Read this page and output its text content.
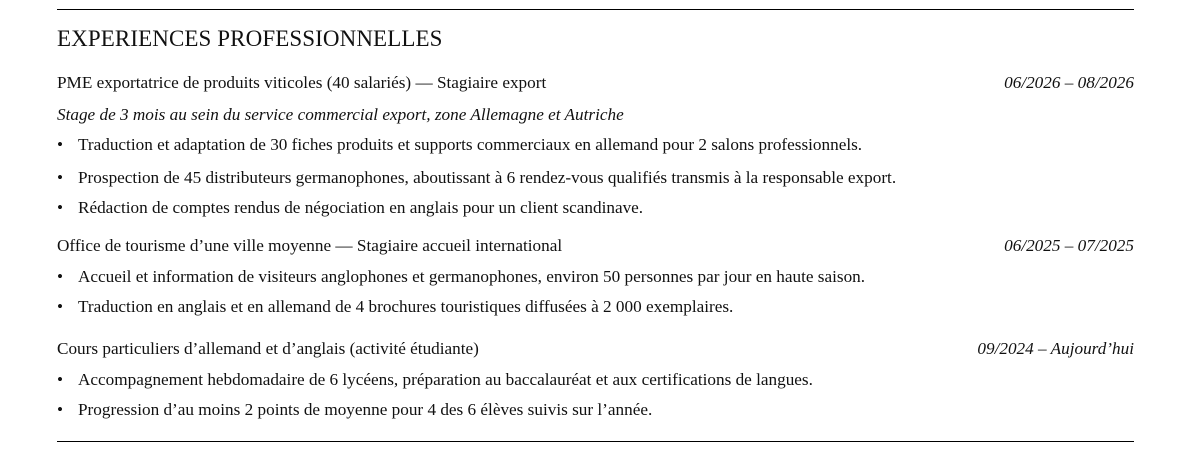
EXPERIENCES PROFESSIONNELLES
PME exportatrice de produits viticoles (40 salariés) — Stagiaire export	06/2026 – 08/2026
Stage de 3 mois au sein du service commercial export, zone Allemagne et Autriche
• Traduction et adaptation de 30 fiches produits et supports commerciaux en allemand pour 2 salons professionnels.
• Prospection de 45 distributeurs germanophones, aboutissant à 6 rendez-vous qualifiés transmis à la responsable export.
• Rédaction de comptes rendus de négociation en anglais pour un client scandinave.
Office de tourisme d’une ville moyenne — Stagiaire accueil international	06/2025 – 07/2025
• Accueil et information de visiteurs anglophones et germanophones, environ 50 personnes par jour en haute saison.
• Traduction en anglais et en allemand de 4 brochures touristiques diffusées à 2 000 exemplaires.
Cours particuliers d’allemand et d’anglais (activité étudiante)	09/2024 – Aujourd’hui
• Accompagnement hebdomadaire de 6 lycéens, préparation au baccalauréat et aux certifications de langues.
• Progression d’au moins 2 points de moyenne pour 4 des 6 élèves suivis sur l’année.
